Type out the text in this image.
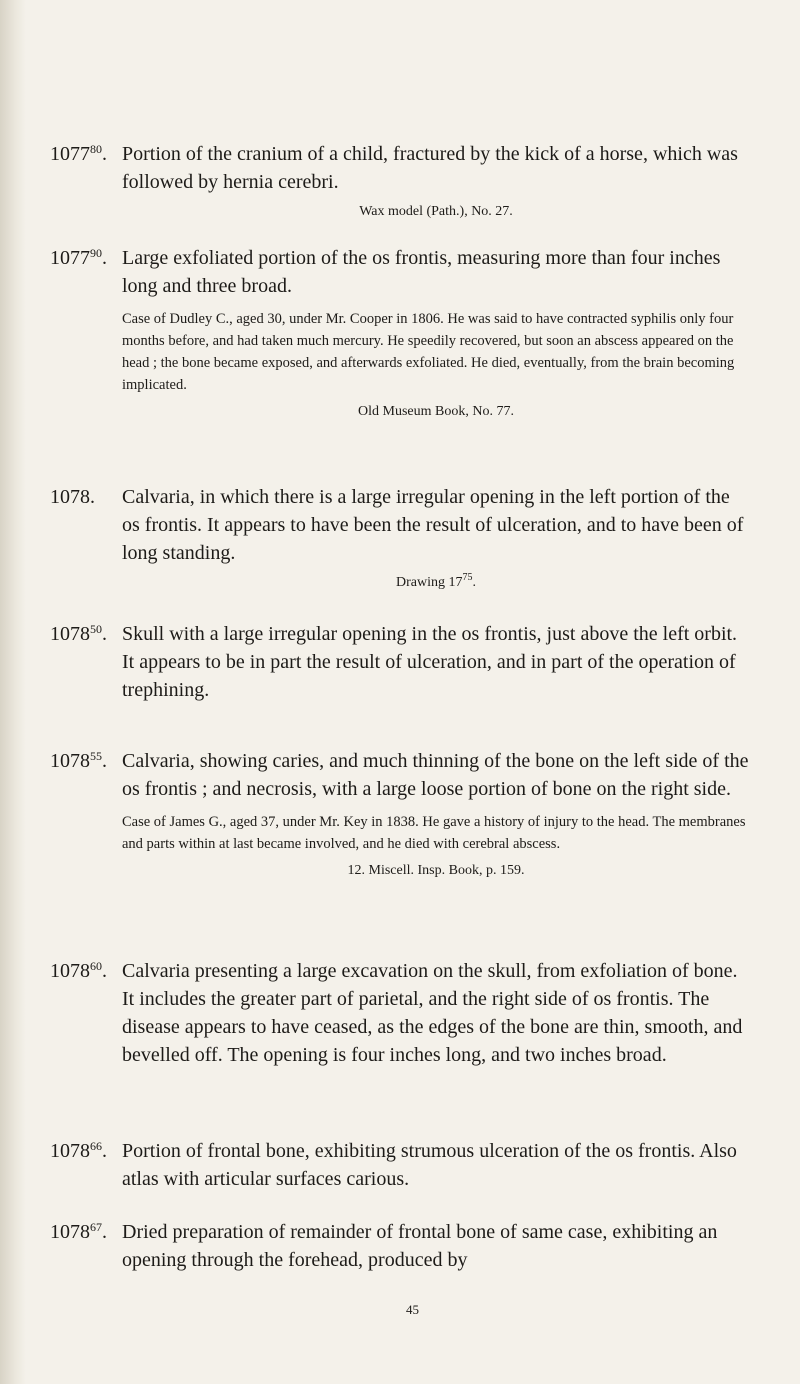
1077$^{80}$. Portion of the cranium of a child, fractured by the kick of a horse, which was followed by hernia cerebri.
Wax model (Path.), No. 27.
1077$^{90}$. Large exfoliated portion of the os frontis, measuring more than four inches long and three broad.
Case of Dudley C., aged 30, under Mr. Cooper in 1806. He was said to have contracted syphilis only four months before, and had taken much mercury. He speedily recovered, but soon an abscess appeared on the head ; the bone became exposed, and afterwards exfoliated. He died, eventually, from the brain becoming implicated.
Old Museum Book, No. 77.
1078. Calvaria, in which there is a large irregular opening in the left portion of the os frontis. It appears to have been the result of ulceration, and to have been of long standing.
Drawing $17^{75}$.
1078$^{50}$. Skull with a large irregular opening in the os frontis, just above the left orbit. It appears to be in part the result of ulceration, and in part of the operation of trephining.
1078$^{55}$. Calvaria, showing caries, and much thinning of the bone on the left side of the os frontis ; and necrosis, with a large loose portion of bone on the right side.
Case of James G., aged 37, under Mr. Key in 1838. He gave a history of injury to the head. The membranes and parts within at last became involved, and he died with cerebral abscess.
12. Miscell. Insp. Book, p. 159.
1078$^{60}$. Calvaria presenting a large excavation on the skull, from exfoliation of bone. It includes the greater part of parietal, and the right side of os frontis. The disease appears to have ceased, as the edges of the bone are thin, smooth, and bevelled off. The opening is four inches long, and two inches broad.
1078$^{66}$. Portion of frontal bone, exhibiting strumous ulceration of the os frontis. Also atlas with articular surfaces carious.
1078$^{67}$. Dried preparation of remainder of frontal bone of same case, exhibiting an opening through the forehead, produced by
45
